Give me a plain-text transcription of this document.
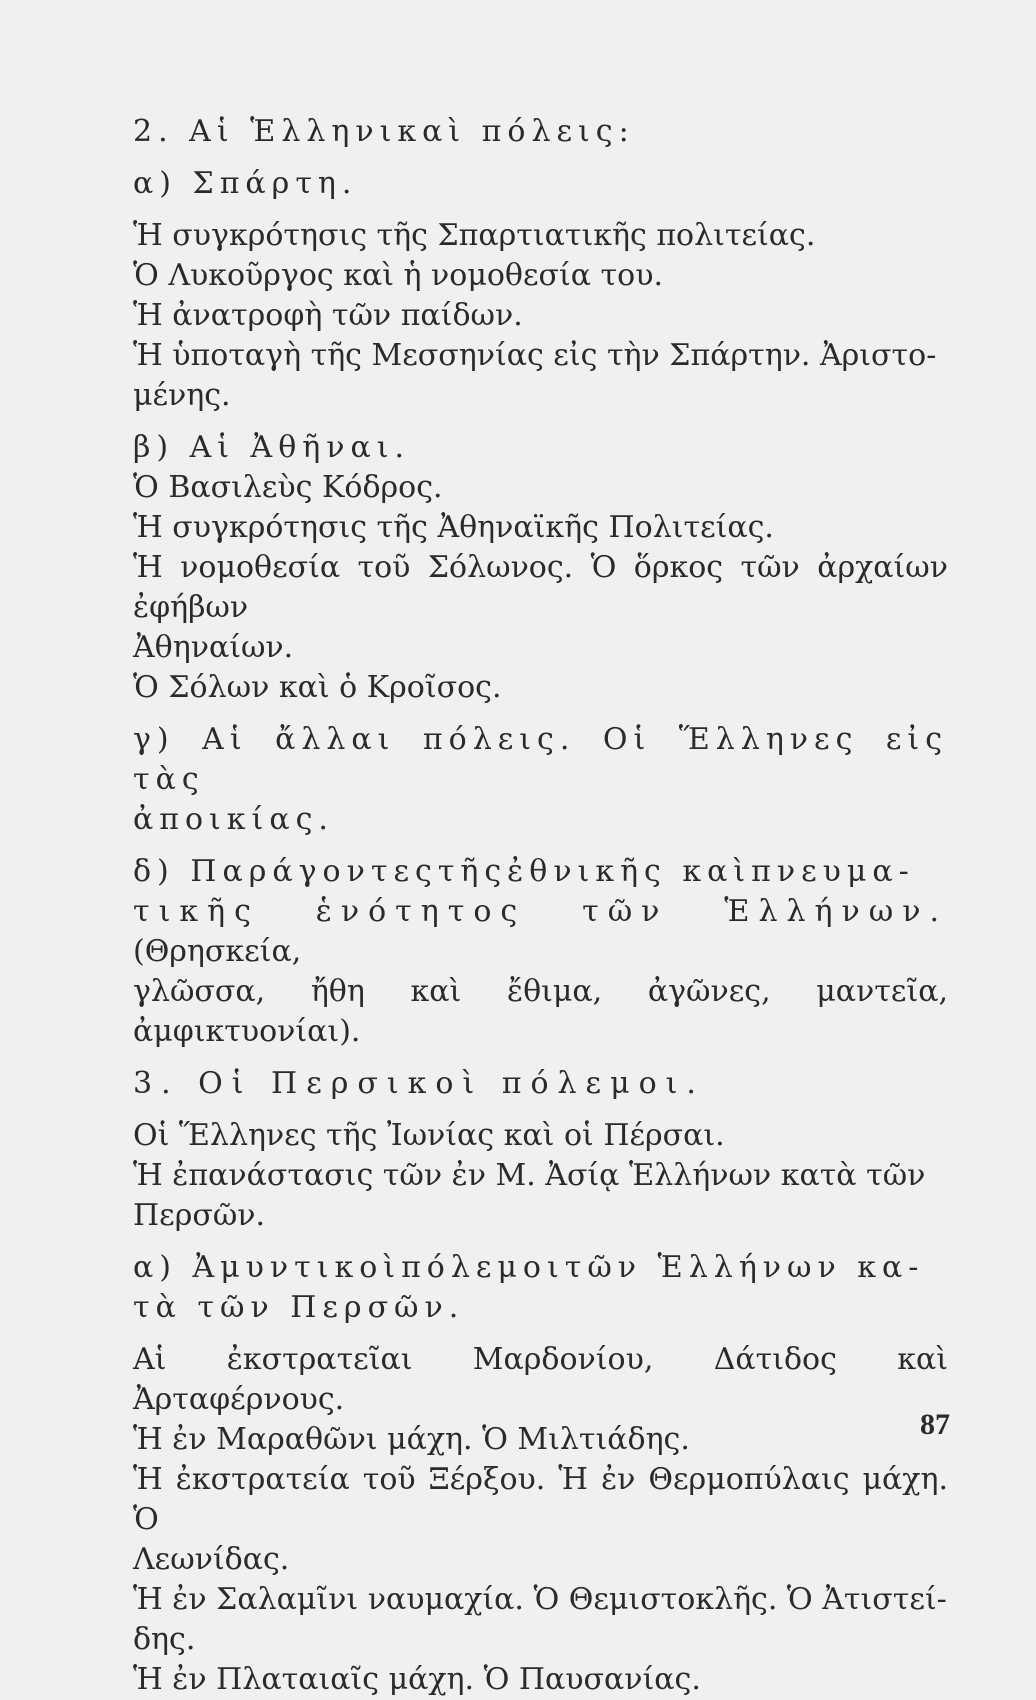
2. Αἱ Ἑλληνικαὶ πόλεις:

α) Σπάρτη.

Ἡ συγκρότησις τῆς Σπαρτιατικῆς πολιτείας.

Ὁ Λυκοῦργος καὶ ἡ νομοθεσία του.

Ἡ ἀνατροφὴ τῶν παίδων.

Ἡ ὑποταγὴ τῆς Μεσσηνίας εἰς τὴν Σπάρτην. Ἀριστο-

μένης.

β) Αἱ Ἀθῆναι.

Ὁ Βασιλεὺς Κόδρος.

Ἡ συγκρότησις τῆς Ἀθηναϊκῆς Πολιτείας.

Ἡ νομοθεσία τοῦ Σόλωνος. Ὁ ὅρκος τῶν ἀρχαίων ἐφήβων

Ἀθηναίων.

Ὁ Σόλων καὶ ὁ Κροῖσος.

γ) Αἱ ἄλλαι πόλεις. Οἱ Ἕλληνες εἰς τὰς

ἀποικίας.

δ) Παράγοντεςτῆςἐθνικῆς καὶπνευμα-

τικῆς ἑνότητος τῶν Ἑλλήνων. (Θρησκεία,

γλῶσσα, ἤθη καὶ ἔθιμα, ἀγῶνες, μαντεῖα, ἀμφικτυονίαι).

3. Οἱ Περσικοὶ πόλεμοι.

Οἱ Ἕλληνες τῆς Ἰωνίας καὶ οἱ Πέρσαι.

Ἡ ἐπανάστασις τῶν ἐν Μ. Ἀσίᾳ Ἑλλήνων κατὰ τῶν

Περσῶν.

α) Ἀμυντικοὶπόλεμοιτῶν Ἑλλήνων κα-

τὰ τῶν Περσῶν.

Αἱ ἐκστρατεῖαι Μαρδονίου, Δάτιδος καὶ Ἀρταφέρνους.

Ἡ ἐν Μαραθῶνι μάχη. Ὁ Μιλτιάδης.

Ἡ ἐκστρατεία τοῦ Ξέρξου. Ἡ ἐν Θερμοπύλαις μάχη. Ὁ

Λεωνίδας.

Ἡ ἐν Σαλαμῖνι ναυμαχία. Ὁ Θεμιστοκλῆς. Ὁ Ἀτιστεί-

δης.

Ἡ ἐν Πλαταιαῖς μάχη. Ὁ Παυσανίας.

87
